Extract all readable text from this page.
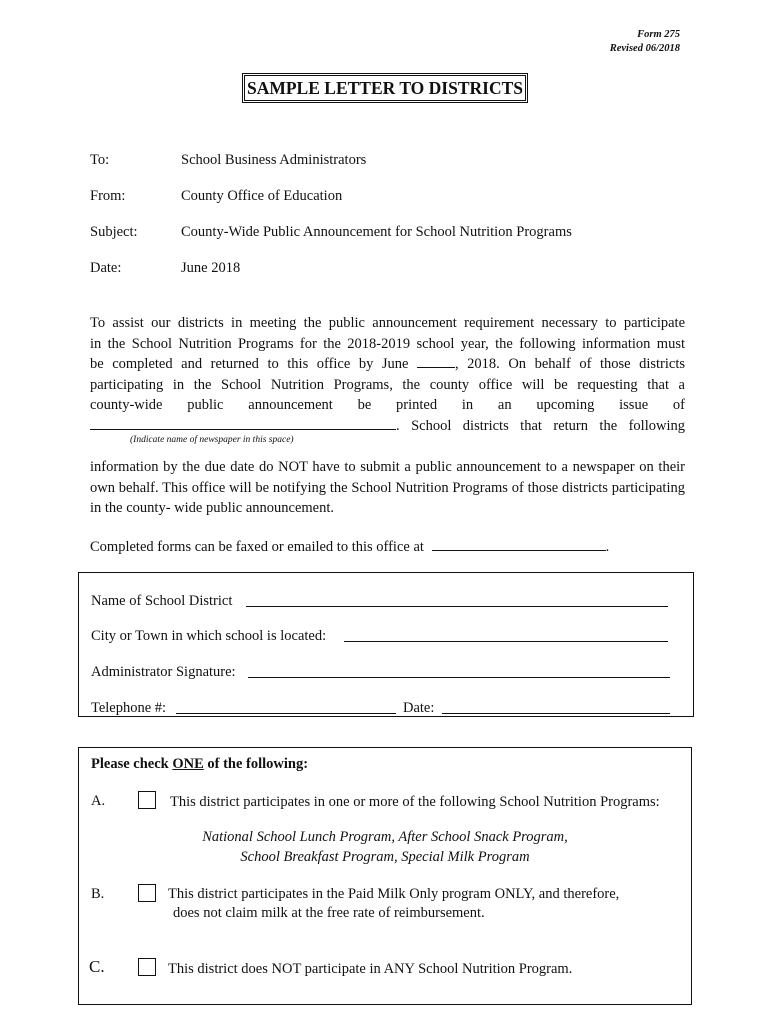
Form 275
Revised 06/2018
SAMPLE LETTER TO DISTRICTS
To:	School Business Administrators
From:	County Office of Education
Subject:	County-Wide Public Announcement for School Nutrition Programs
Date:	June 2018
To assist our districts in meeting the public announcement requirement necessary to participate
in the School Nutrition Programs for the 2018-2019 school year, the following information must
be completed and returned to this office by June	, 2018. On behalf of those districts
participating in the School Nutrition Programs, the county office will be requesting that a
county-wide public announcement be printed in an upcoming issue of
. School districts that return the following
(Indicate name of newspaper in this space)
information by the due date do NOT have to submit a public announcement to a newspaper on their own behalf. This office will be notifying the School Nutrition Programs of those districts participating in the county- wide public announcement.
Completed forms can be faxed or emailed to this office at	.
Name of School District
City or Town in which school is located:
Administrator Signature:
Telephone #:	Date:
Please check ONE of the following:
A.	This district participates in one or more of the following School Nutrition Programs:
National School Lunch Program, After School Snack Program,
School Breakfast Program, Special Milk Program
B.	This district participates in the Paid Milk Only program ONLY, and therefore,
does not claim milk at the free rate of reimbursement.
C.	This district does NOT participate in ANY School Nutrition Program.
